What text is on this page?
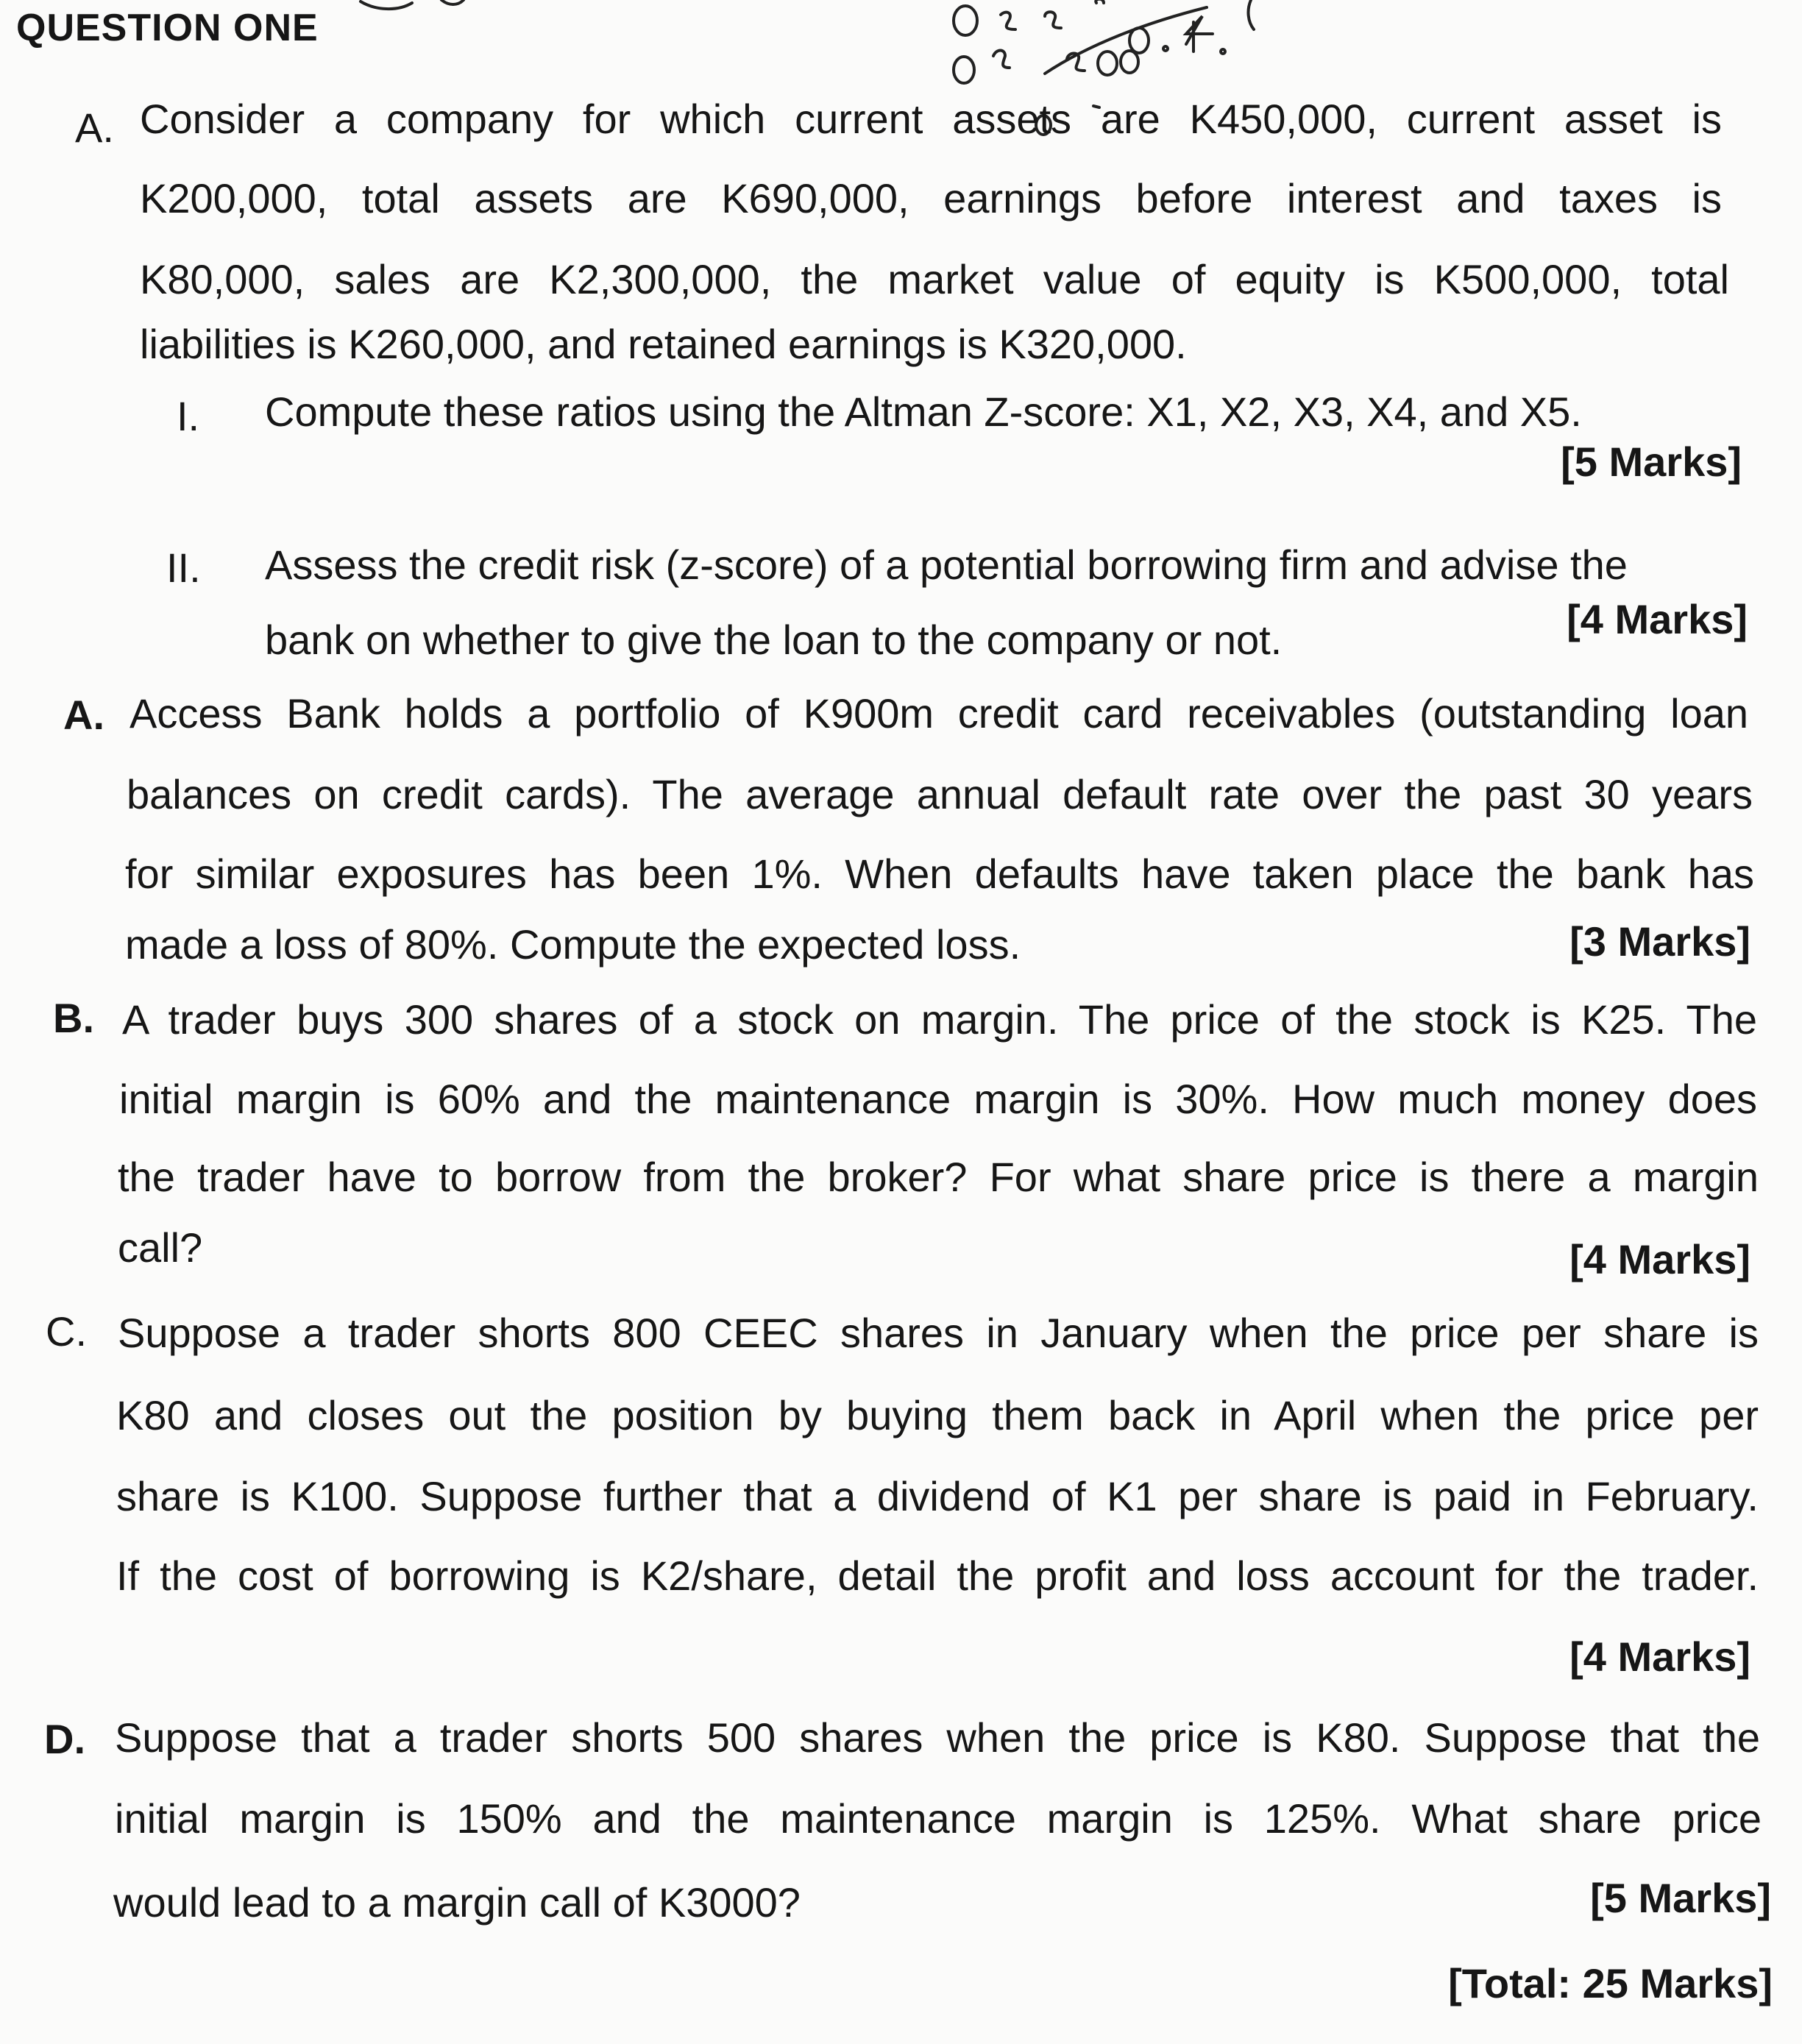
QUESTION ONE
A. Consider a company for which current assets are K450,000, current asset is
K200,000, total assets are K690,000, earnings before interest and taxes is
K80,000, sales are K2,300,000, the market value of equity is K500,000, total
liabilities is K260,000, and retained earnings is K320,000.
I. Compute these ratios using the Altman Z-score: X1, X2, X3, X4, and X5.
[5 Marks]
II. Assess the credit risk (z-score) of a potential borrowing firm and advise the
bank on whether to give the loan to the company or not.	[4 Marks]
A. Access Bank holds a portfolio of K900m credit card receivables (outstanding loan
balances on credit cards). The average annual default rate over the past 30 years
for similar exposures has been 1%. When defaults have taken place the bank has
made a loss of 80%. Compute the expected loss.	[3 Marks]
B. A trader buys 300 shares of a stock on margin. The price of the stock is K25. The
initial margin is 60% and the maintenance margin is 30%. How much money does
the trader have to borrow from the broker? For what share price is there a margin
call?	[4 Marks]
C. Suppose a trader shorts 800 CEEC shares in January when the price per share is
K80 and closes out the position by buying them back in April when the price per
share is K100. Suppose further that a dividend of K1 per share is paid in February.
If the cost of borrowing is K2/share, detail the profit and loss account for the trader.
[4 Marks]
D. Suppose that a trader shorts 500 shares when the price is K80. Suppose that the
initial margin is 150% and the maintenance margin is 125%. What share price
would lead to a margin call of K3000?	[5 Marks]
[Total: 25 Marks]
